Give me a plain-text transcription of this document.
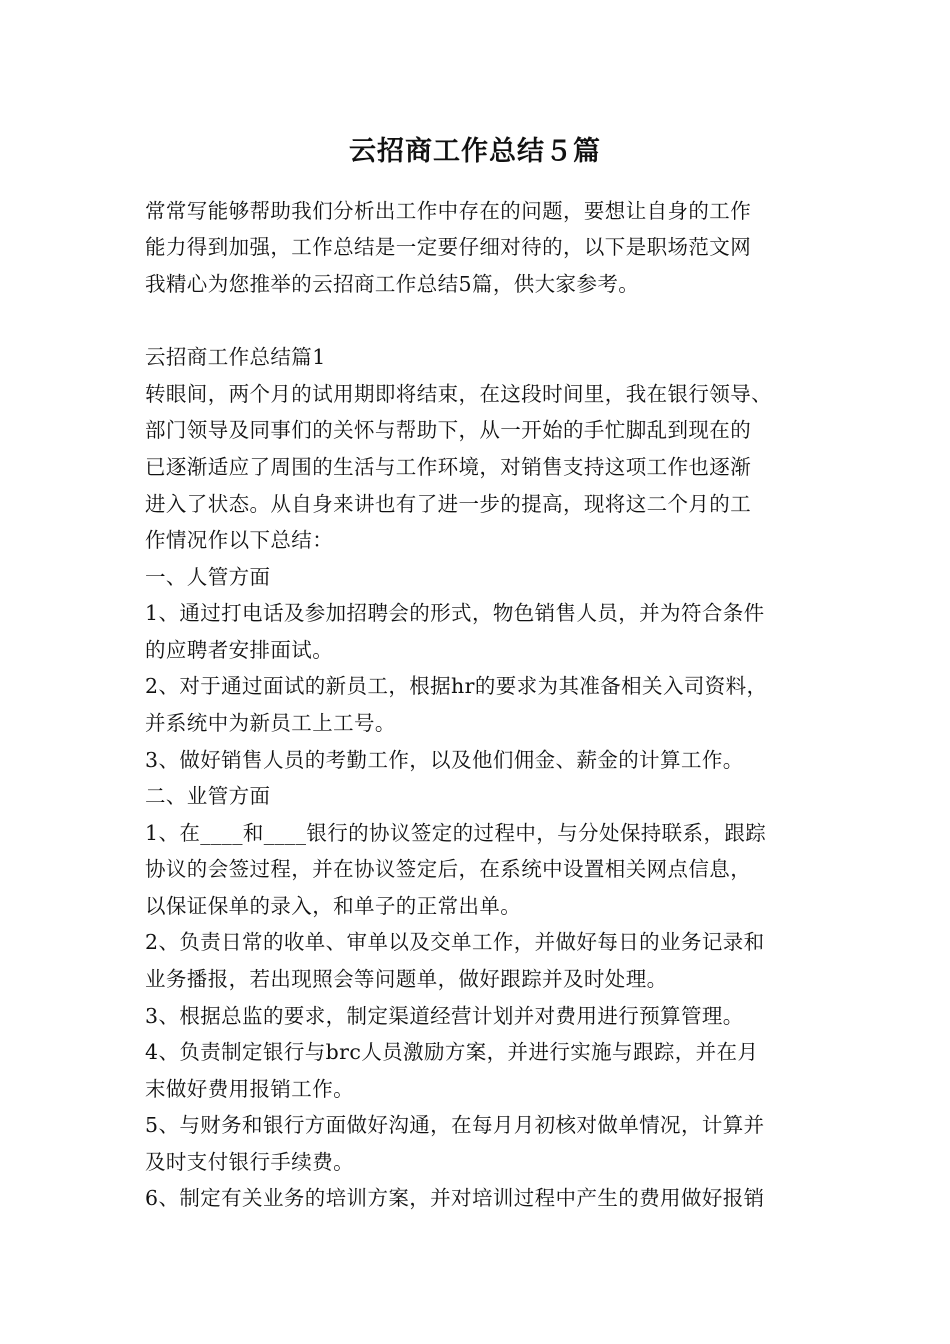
云招商工作总结５篇
常常写能够帮助我们分析出工作中存在的问题，要想让自身的工作
能力得到加强，工作总结是一定要仔细对待的，以下是职场范文网
我精心为您推举的云招商工作总结5篇，供大家参考。
云招商工作总结篇1
转眼间，两个月的试用期即将结束，在这段时间里，我在银行领导、
部门领导及同事们的关怀与帮助下，从一开始的手忙脚乱到现在的
已逐渐适应了周围的生活与工作环境，对销售支持这项工作也逐渐
进入了状态。从自身来讲也有了进一步的提高，现将这二个月的工
作情况作以下总结：
一、人管方面
1、通过打电话及参加招聘会的形式，物色销售人员，并为符合条件
的应聘者安排面试。
2、对于通过面试的新员工，根据hr的要求为其准备相关入司资料，
并系统中为新员工上工号。
3、做好销售人员的考勤工作，以及他们佣金、薪金的计算工作。
二、业管方面
1、在____和____银行的协议签定的过程中，与分处保持联系，跟踪
协议的会签过程，并在协议签定后，在系统中设置相关网点信息，
以保证保单的录入，和单子的正常出单。
2、负责日常的收单、审单以及交单工作，并做好每日的业务记录和
业务播报，若出现照会等问题单，做好跟踪并及时处理。
3、根据总监的要求，制定渠道经营计划并对费用进行预算管理。
4、负责制定银行与brc人员激励方案，并进行实施与跟踪，并在月
末做好费用报销工作。
5、与财务和银行方面做好沟通，在每月月初核对做单情况，计算并
及时支付银行手续费。
6、制定有关业务的培训方案，并对培训过程中产生的费用做好报销
